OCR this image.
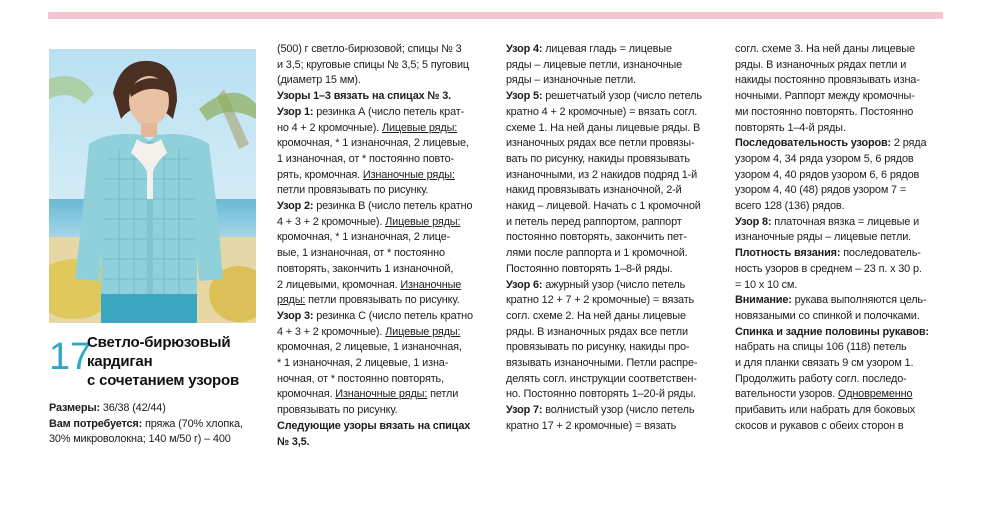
17
Светло-бирюзовый
кардиган
с сочетанием узоров

Размеры: 36/38 (42/44)

Вам потребуется: пряжа (70% хлопка,

30% микроволокна; 140 м/50 г) – 400

(500) г светло-бирюзовой; спицы № 3

и 3,5; круговые спицы № 3,5; 5 пуговиц

(диаметр 15 мм).

Узоры 1–3 вязать на спицах № 3.

Узор 1: резинка А (число петель крат-

но 4 + 2 кромочные). Лицевые ряды:

кромочная, * 1 изнаночная, 2 лицевые,

1 изнаночная, от * постоянно повто-

рять, кромочная. Изнаночные ряды:

петли провязывать по рисунку.

Узор 2: резинка В (число петель кратно

4 + 3 + 2 кромочные). Лицевые ряды:

кромочная, * 1 изнаночная, 2 лице-

вые, 1 изнаночная, от * постоянно

повторять, закончить 1 изнаночной,

2 лицевыми, кромочная. Изнаночные

ряды: петли провязывать по рисунку.

Узор 3: резинка С (число петель кратно

4 + 3 + 2 кромочные). Лицевые ряды:

кромочная, 2 лицевые, 1 изнаночная,

* 1 изнаночная, 2 лицевые, 1 изна-

ночная, от * постоянно повторять,

кромочная. Изнаночные ряды: петли

провязывать по рисунку.

Следующие узоры вязать на спицах № 3,5.

Узор 4: лицевая гладь = лицевые

ряды – лицевые петли, изнаночные

ряды – изнаночные петли.

Узор 5: решетчатый узор (число петель

кратно 4 + 2 кромочные) = вязать согл.

схеме 1. На ней даны лицевые ряды. В

изнаночных рядах все петли провязы-

вать по рисунку, накиды провязывать

изнаночными, из 2 накидов подряд 1-й

накид провязывать изнаночной, 2-й

накид – лицевой. Начать с 1 кромочной

и петель перед раппортом, раппорт

постоянно повторять, закончить пет-

лями после раппорта и 1 кромочной.

Постоянно повторять 1–8-й ряды.

Узор 6: ажурный узор (число петель

кратно 12 + 7 + 2 кромочные) = вязать

согл. схеме 2. На ней даны лицевые

ряды. В изнаночных рядах все петли

провязывать по рисунку, накиды про-

вязывать изнаночными. Петли распре-

делять согл. инструкции соответствен-

но. Постоянно повторять 1–20-й ряды.

Узор 7: волнистый узор (число петель

кратно 17 + 2 кромочные) = вязать

согл. схеме 3. На ней даны лицевые

ряды. В изнаночных рядах петли и

накиды постоянно провязывать изна-

ночными. Раппорт между кромочны-

ми постоянно повторять. Постоянно

повторять 1–4-й ряды.

Последовательность узоров: 2 ряда

узором 4, 34 ряда узором 5, 6 рядов

узором 4, 40 рядов узором 6, 6 рядов

узором 4, 40 (48) рядов узором 7 =

всего 128 (136) рядов.

Узор 8: платочная вязка = лицевые и

изнаночные ряды – лицевые петли.

Плотность вязания: последователь-

ность узоров в среднем – 23 п. x 30 р.

= 10 x 10 см.

Внимание: рукава выполняются цель-

новязаными со спинкой и полочками.

Спинка и задние половины рукавов:

набрать на спицы 106 (118) петель

и для планки связать 9 см узором 1.

Продолжить работу согл. последо-

вательности узоров. Одновременно

прибавить или набрать для боковых

скосов и рукавов с обеих сторон в
